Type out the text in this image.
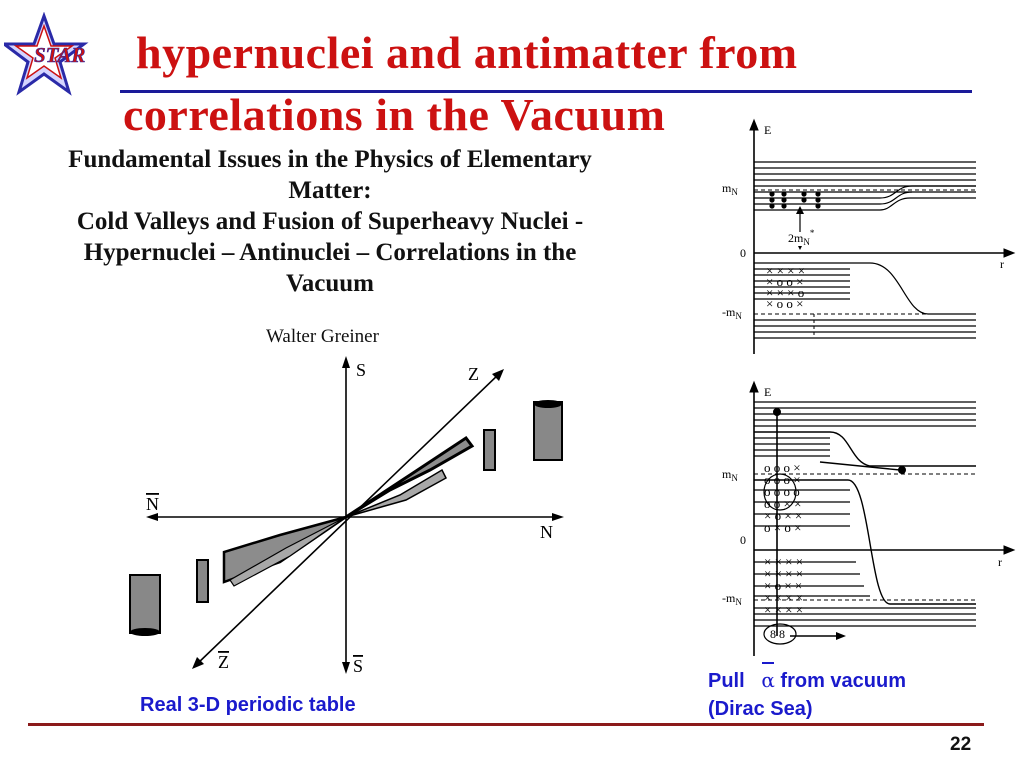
STAR hypernuclei and antimatter from
correlations in the Vacuum
Fundamental Issues in the Physics of Elementary
Matter:
Cold Valleys and Fusion of Superheavy Nuclei -
Hypernuclei – Antinuclei – Correlations in the
Vacuum
Walter Greiner
S
S
Z
Z
N
N
Real 3-D periodic table
× × × ×
× ο ο ×
× × × ο
× ο ο ×
E
$m_N$
0
$-m_N$
r
$2m_N^*$
ο ο ο ×
ο ο ο ×
ο ο ο ο
ο ο × ×
× ο × ×
ο × ο ×
× × × ×
× × × ×
× ο × ×
× × × ×
× × × ×
8 8
E
$m_N$
0
$-m_N$
r
Pull α from vacuum
(Dirac Sea)
22
